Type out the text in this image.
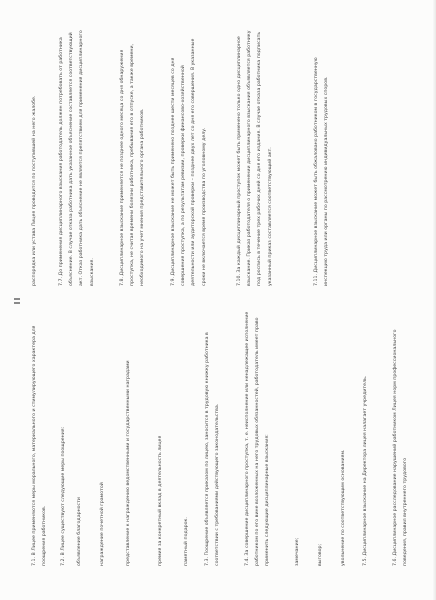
7.1. В Лицее применяются меры морального, материального и стимулирующего характера для поощрения работников.	7.2. В Лицее существуют следующие меры поощрения:	объявление благодарности	награждение почетной грамотой	представление к награждению ведомственными и государственными наградами	премия за конкретный вклад в деятельность лицея	памятный подарок.	7.3. Поощрение объявляется приказом по лицею, заносится в трудовую книжку работника в соответствии с требованиями действующего законодательства.	7.4. За совершение дисциплинарного проступка, т. е. неисполнение или ненадлежащее исполнение работником по его вине возложенных на него трудовых обязанностей, работодатель имеет право применить следующие дисциплинарные взыскания:	замечание;	выговор;	увольнение по соответствующим основаниям.	7.5. Дисциплинарное взыскание на Директора лицея налагает учредитель.	7.6. Дисциплинарное расследование нарушений работником Лицея норм профессионального поведения, правил внутреннего трудового

распорядка или устава Лицея проводится по поступившей на него жалобе.	7.7. До применения дисциплинарного взыскания работодатель должен потребовать от работника объяснение. В случае отказа работника дать указанное объяснение составляется соответствующий акт. Отказ работника дать объяснение не является препятствием для применения дисциплинарного взыскания.	7.8. Дисциплинарное взыскание применяется не позднее одного месяца со дня обнаружения проступка, не считая времени болезни работника, пребывания его в отпуске, а также времени, необходимого на учет мнения представительного органа работников.	7.9. Дисциплинарное взыскание не может быть применено позднее шести месяцев со дня совершения проступка, а по результатам ревизии, проверки финансово-хозяйственной деятельности или аудиторской проверки – позднее двух лет со дня его совершения. В указанные сроки не включается время производства по уголовному делу.	7.10. За каждый дисциплинарный проступок может быть применено только одно дисциплинарное взыскание. Приказ работодателя о применении дисциплинарного взыскания объявляется работнику под роспись в течение трех рабочих дней со дня его издания. В случае отказа работника подписать указанный приказ составляется соответствующий акт.	7.11. Дисциплинарное взыскание может быть обжаловано работником в государственную инспекцию труда или органы по рассмотрению индивидуальных трудовых споров.
